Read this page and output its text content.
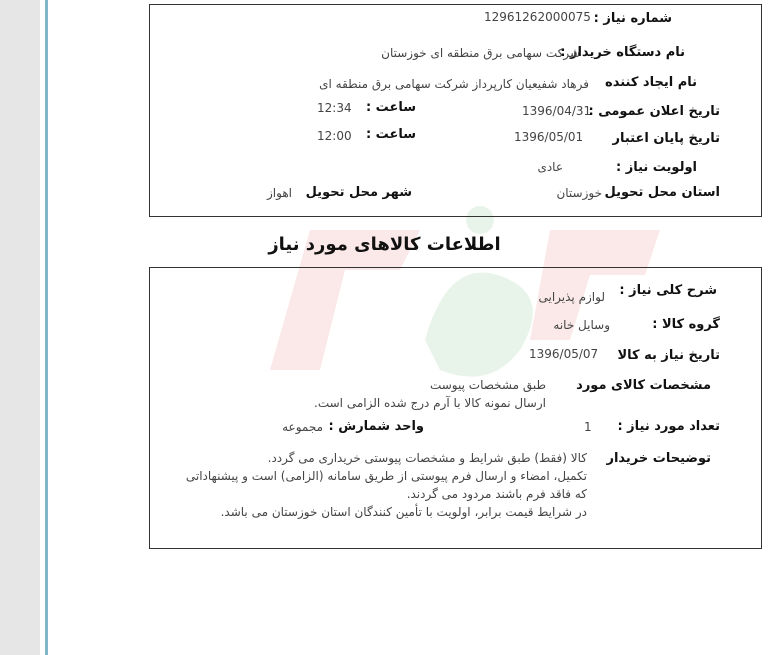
شماره نیاز :
12961262000075
نام دستگاه خریدار :
شرکت سهامی برق منطقه ای خوزستان
نام ایجاد کننده
فرهاد شفیعیان کارپرداز شرکت سهامی برق منطقه ای
تاریخ اعلان عمومی :
1396/04/31
ساعت :
12:34
تاریخ پایان اعتبار
1396/05/01
ساعت :
12:00
اولویت نیاز :
عادی
استان محل تحویل
خوزستان
شهر محل تحویل
اهواز
اطلاعات کالاهای مورد نیاز
شرح کلی نیاز :
لوازم پذیرایی
گروه کالا :
وسایل خانه
تاریخ نیاز به کالا
1396/05/07
مشخصات کالای مورد
طبق مشخصات پیوست
ارسال نمونه کالا با آرم درج شده الزامی است.
تعداد مورد نیاز :
1
واحد شمارش :
مجموعه
توضیحات خریدار
کالا (فقط) طبق شرایط و مشخصات پیوستی خریداری می گردد.
تکمیل، امضاء و ارسال فرم پیوستی از طریق سامانه (الزامی) است و پیشنهاداتی
که فاقد فرم باشند مردود می گردند.
در شرایط قیمت برابر، اولویت با تأمین کنندگان استان خوزستان می باشد.
